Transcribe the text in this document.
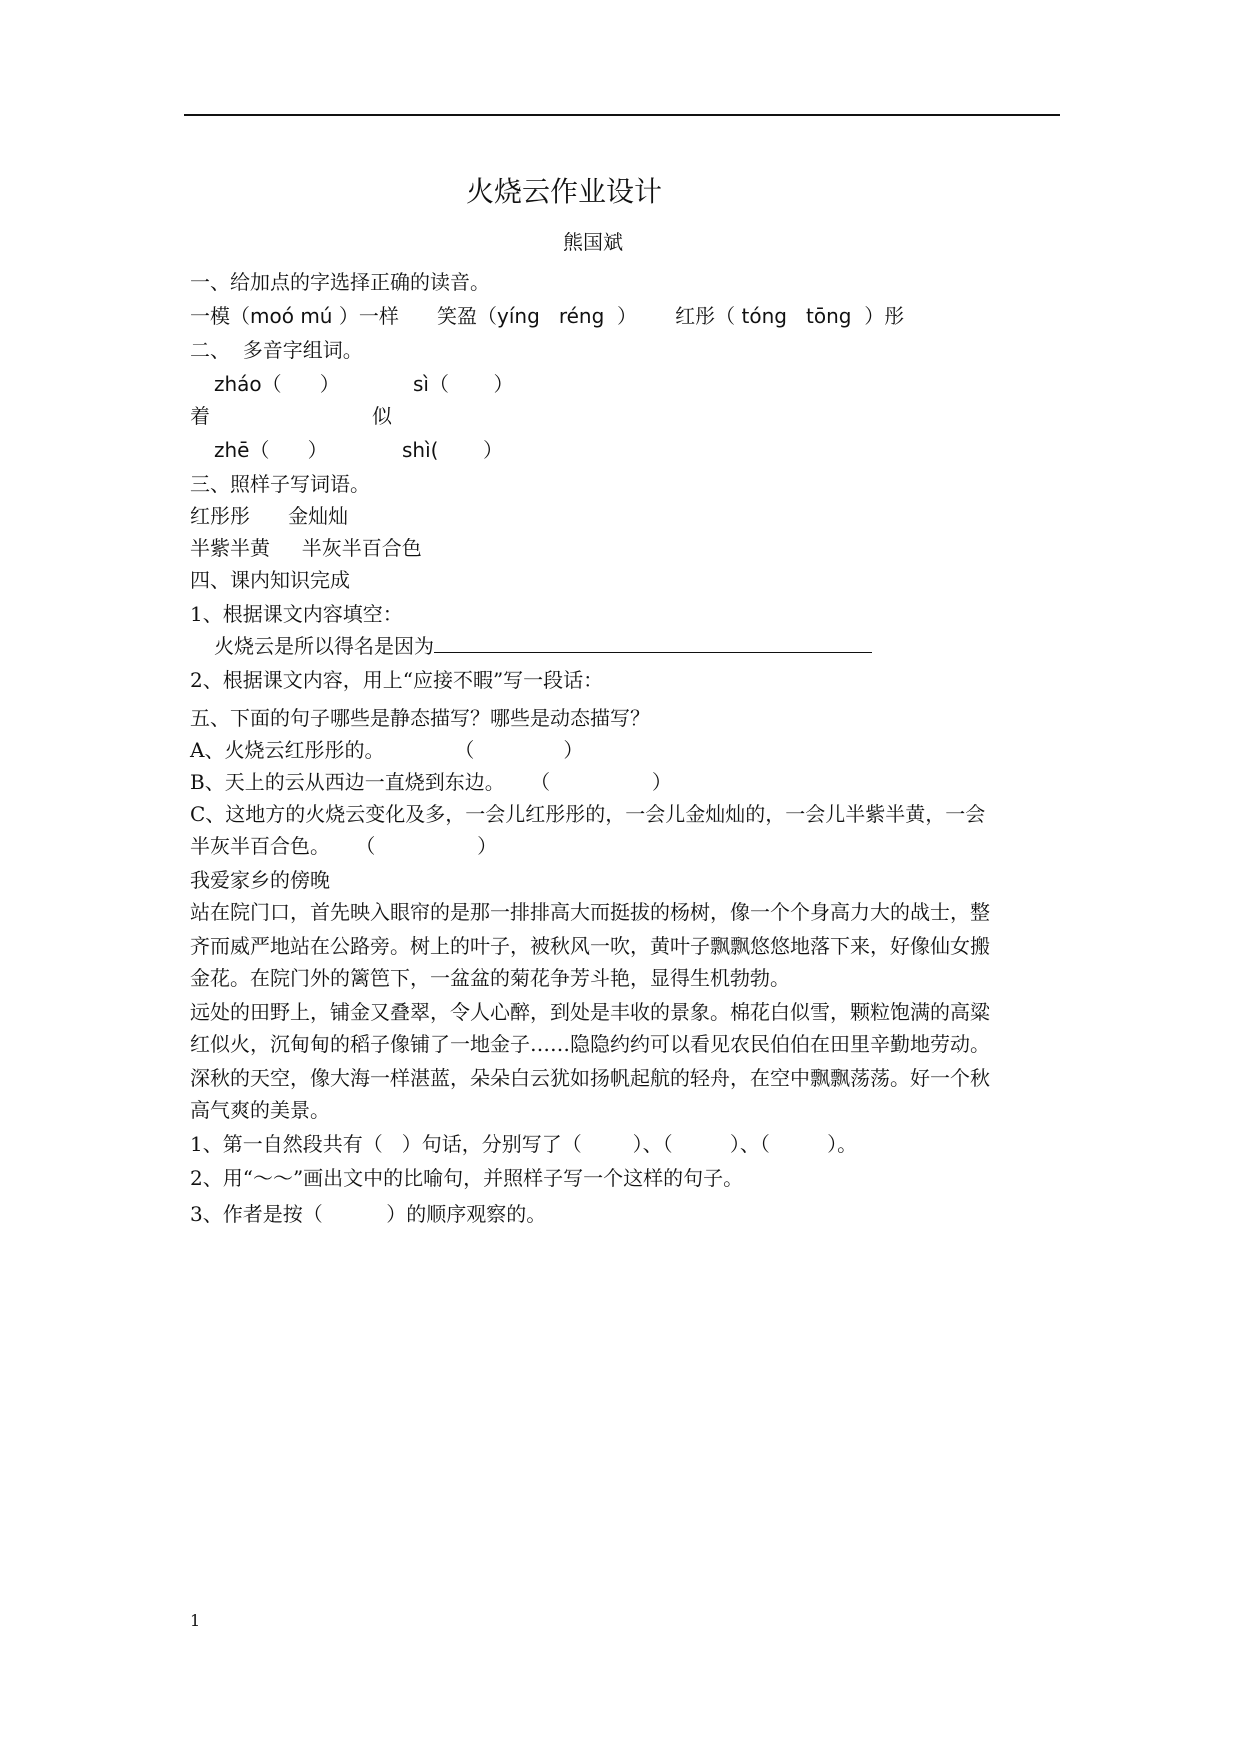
火烧云作业设计
熊国斌
一、给加点的字选择正确的读音。
一模（moó mú ）一样 笑盈（yíng   réng ） 红彤（ tóng   tōng ）彤
二、  多音字组词。
zháo（      ）	sì（       ）
着	似
zhē（      ）	shì(       ）
三、照样子写词语。
红彤彤      金灿灿
半紫半黄     半灰半百合色
四、课内知识完成
1、根据课文内容填空：
火烧云是所以得名是因为
2、根据课文内容，用上“应接不暇”写一段话：
五、下面的句子哪些是静态描写？哪些是动态描写？
A、火烧云红彤彤的。           （              ）
B、天上的云从西边一直烧到东边。    （                ）
C、这地方的火烧云变化及多，一会儿红彤彤的，一会儿金灿灿的，一会儿半紫半黄，一会
半灰半百合色。    （                ）
我爱家乡的傍晚
站在院门口，首先映入眼帘的是那一排排高大而挺拔的杨树，像一个个身高力大的战士，整
齐而威严地站在公路旁。树上的叶子，被秋风一吹，黄叶子飘飘悠悠地落下来，好像仙女搬
金花。在院门外的篱笆下，一盆盆的菊花争芳斗艳，显得生机勃勃。
远处的田野上，铺金又叠翠，令人心醉，到处是丰收的景象。棉花白似雪，颗粒饱满的高粱
红似火，沉甸甸的稻子像铺了一地金子……隐隐约约可以看见农民伯伯在田里辛勤地劳动。
深秋的天空，像大海一样湛蓝，朵朵白云犹如扬帆起航的轻舟，在空中飘飘荡荡。好一个秋
高气爽的美景。
1、第一自然段共有（   ）句话，分别写了（        ）、（         ）、（         ）。
2、用“～～”画出文中的比喻句，并照样子写一个这样的句子。
3、作者是按（          ）的顺序观察的。
1
